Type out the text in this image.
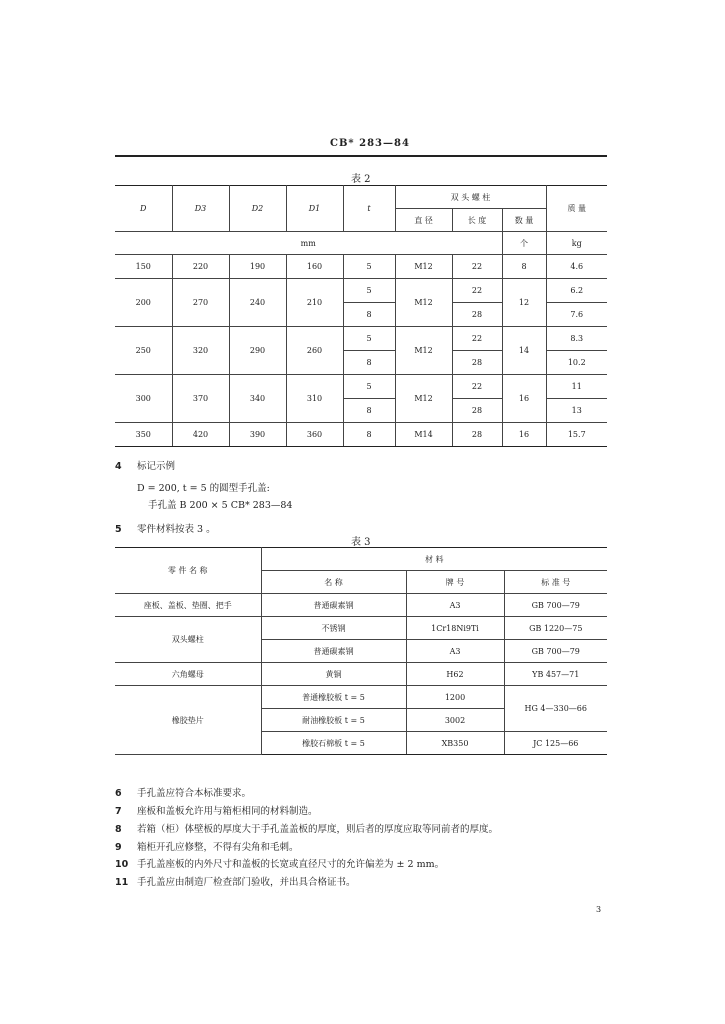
CB* 283—84
表 2
D	D3	D2	D1	t	双 头 螺 柱			质 量
					直 径	长 度	数 量	
mm							个	kg
150	220	190	160	5	M12	22	8	4.6
200	270	240	210	5	M12	22	12	6.2
				8		28		7.6
250	320	290	260	5	M12	22	14	8.3
				8		28		10.2
300	370	340	310	5	M12	22	16	11
				8		28		13
350	420	390	360	8	M14	28	16	15.7
4 标记示例
D = 200, t = 5 的圆型手孔盖:
手孔盖 B 200 × 5 CB* 283—84
5 零件材料按表 3 。
表 3
零 件 名 称	材 料		
	名 称	牌 号	标 准 号
座板、盖板、垫圈、把手	普通碳素钢	A3	GB 700—79
双头螺柱	不锈钢	1Cr18Ni9Ti	GB 1220—75
	普通碳素钢	A3	GB 700—79
六角螺母	黄铜	H62	YB 457—71
橡胶垫片	普通橡胶板 t = 5	1200	HG 4—330—66
	耐油橡胶板 t = 5	3002	
	橡胶石棉板 t = 5	XB350	JC 125—66
6 手孔盖应符合本标准要求。
7 座板和盖板允许用与箱柜相同的材料制造。
8 若箱（柜）体壁板的厚度大于手孔盖盖板的厚度，则后者的厚度应取等同前者的厚度。
9 箱柜开孔应修整，不得有尖角和毛刺。
10 手孔盖座板的内外尺寸和盖板的长宽或直径尺寸的允许偏差为 ± 2 mm。
11 手孔盖应由制造厂检查部门验收，并出具合格证书。
3
